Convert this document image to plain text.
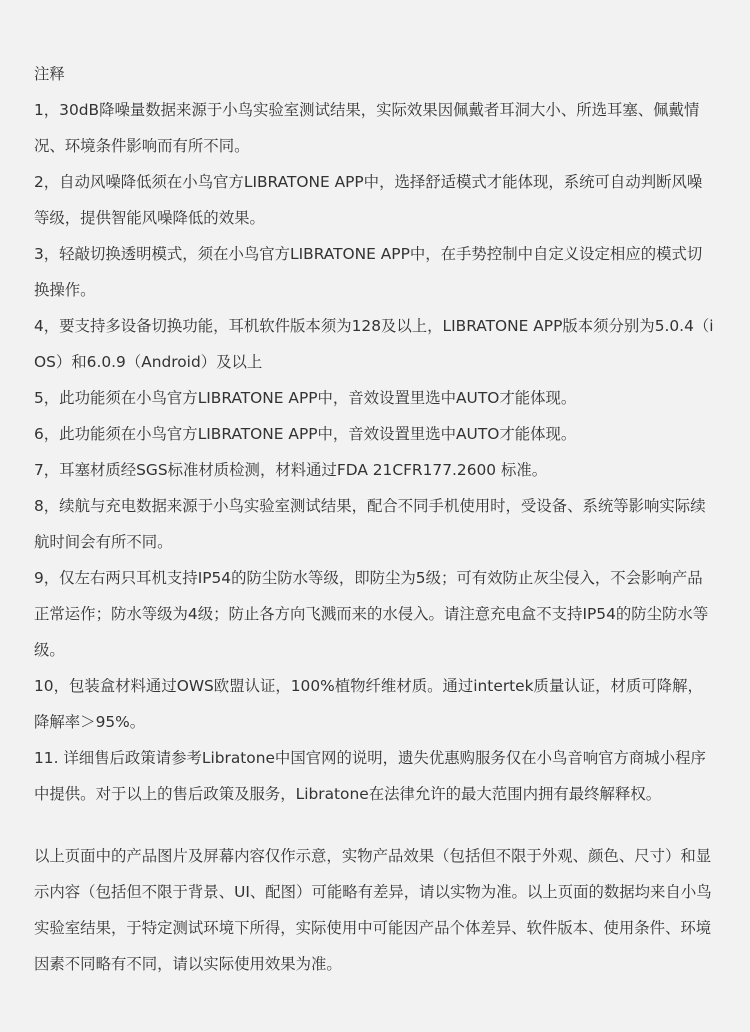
注释
1，30dB降噪量数据来源于小鸟实验室测试结果，实际效果因佩戴者耳洞大小、所选耳塞、佩戴情况、环境条件影响而有所不同。
2，自动风噪降低须在小鸟官方LIBRATONE APP中，选择舒适模式才能体现，系统可自动判断风噪等级，提供智能风噪降低的效果。
3，轻敲切换透明模式，须在小鸟官方LIBRATONE APP中，在手势控制中自定义设定相应的模式切换操作。
4，要支持多设备切换功能，耳机软件版本须为128及以上，LIBRATONE APP版本须分别为5.0.4（iOS）和6.0.9（Android）及以上
5，此功能须在小鸟官方LIBRATONE APP中，音效设置里选中AUTO才能体现。
6，此功能须在小鸟官方LIBRATONE APP中，音效设置里选中AUTO才能体现。
7，耳塞材质经SGS标准材质检测，材料通过FDA 21CFR177.2600 标准。
8，续航与充电数据来源于小鸟实验室测试结果，配合不同手机使用时，受设备、系统等影响实际续航时间会有所不同。
9，仅左右两只耳机支持IP54的防尘防水等级，即防尘为5级；可有效防止灰尘侵入，不会影响产品正常运作；防水等级为4级；防止各方向飞溅而来的水侵入。请注意充电盒不支持IP54的防尘防水等级。
10，包装盒材料通过OWS欧盟认证，100%植物纤维材质。通过intertek质量认证，材质可降解，降解率＞95%。
11. 详细售后政策请参考Libratone中国官网的说明，遗失优惠购服务仅在小鸟音响官方商城小程序中提供。对于以上的售后政策及服务，Libratone在法律允许的最大范围内拥有最终解释权。
以上页面中的产品图片及屏幕内容仅作示意，实物产品效果（包括但不限于外观、颜色、尺寸）和显示内容（包括但不限于背景、UI、配图）可能略有差异，请以实物为准。以上页面的数据均来自小鸟实验室结果，于特定测试环境下所得，实际使用中可能因产品个体差异、软件版本、使用条件、环境因素不同略有不同，请以实际使用效果为准。
